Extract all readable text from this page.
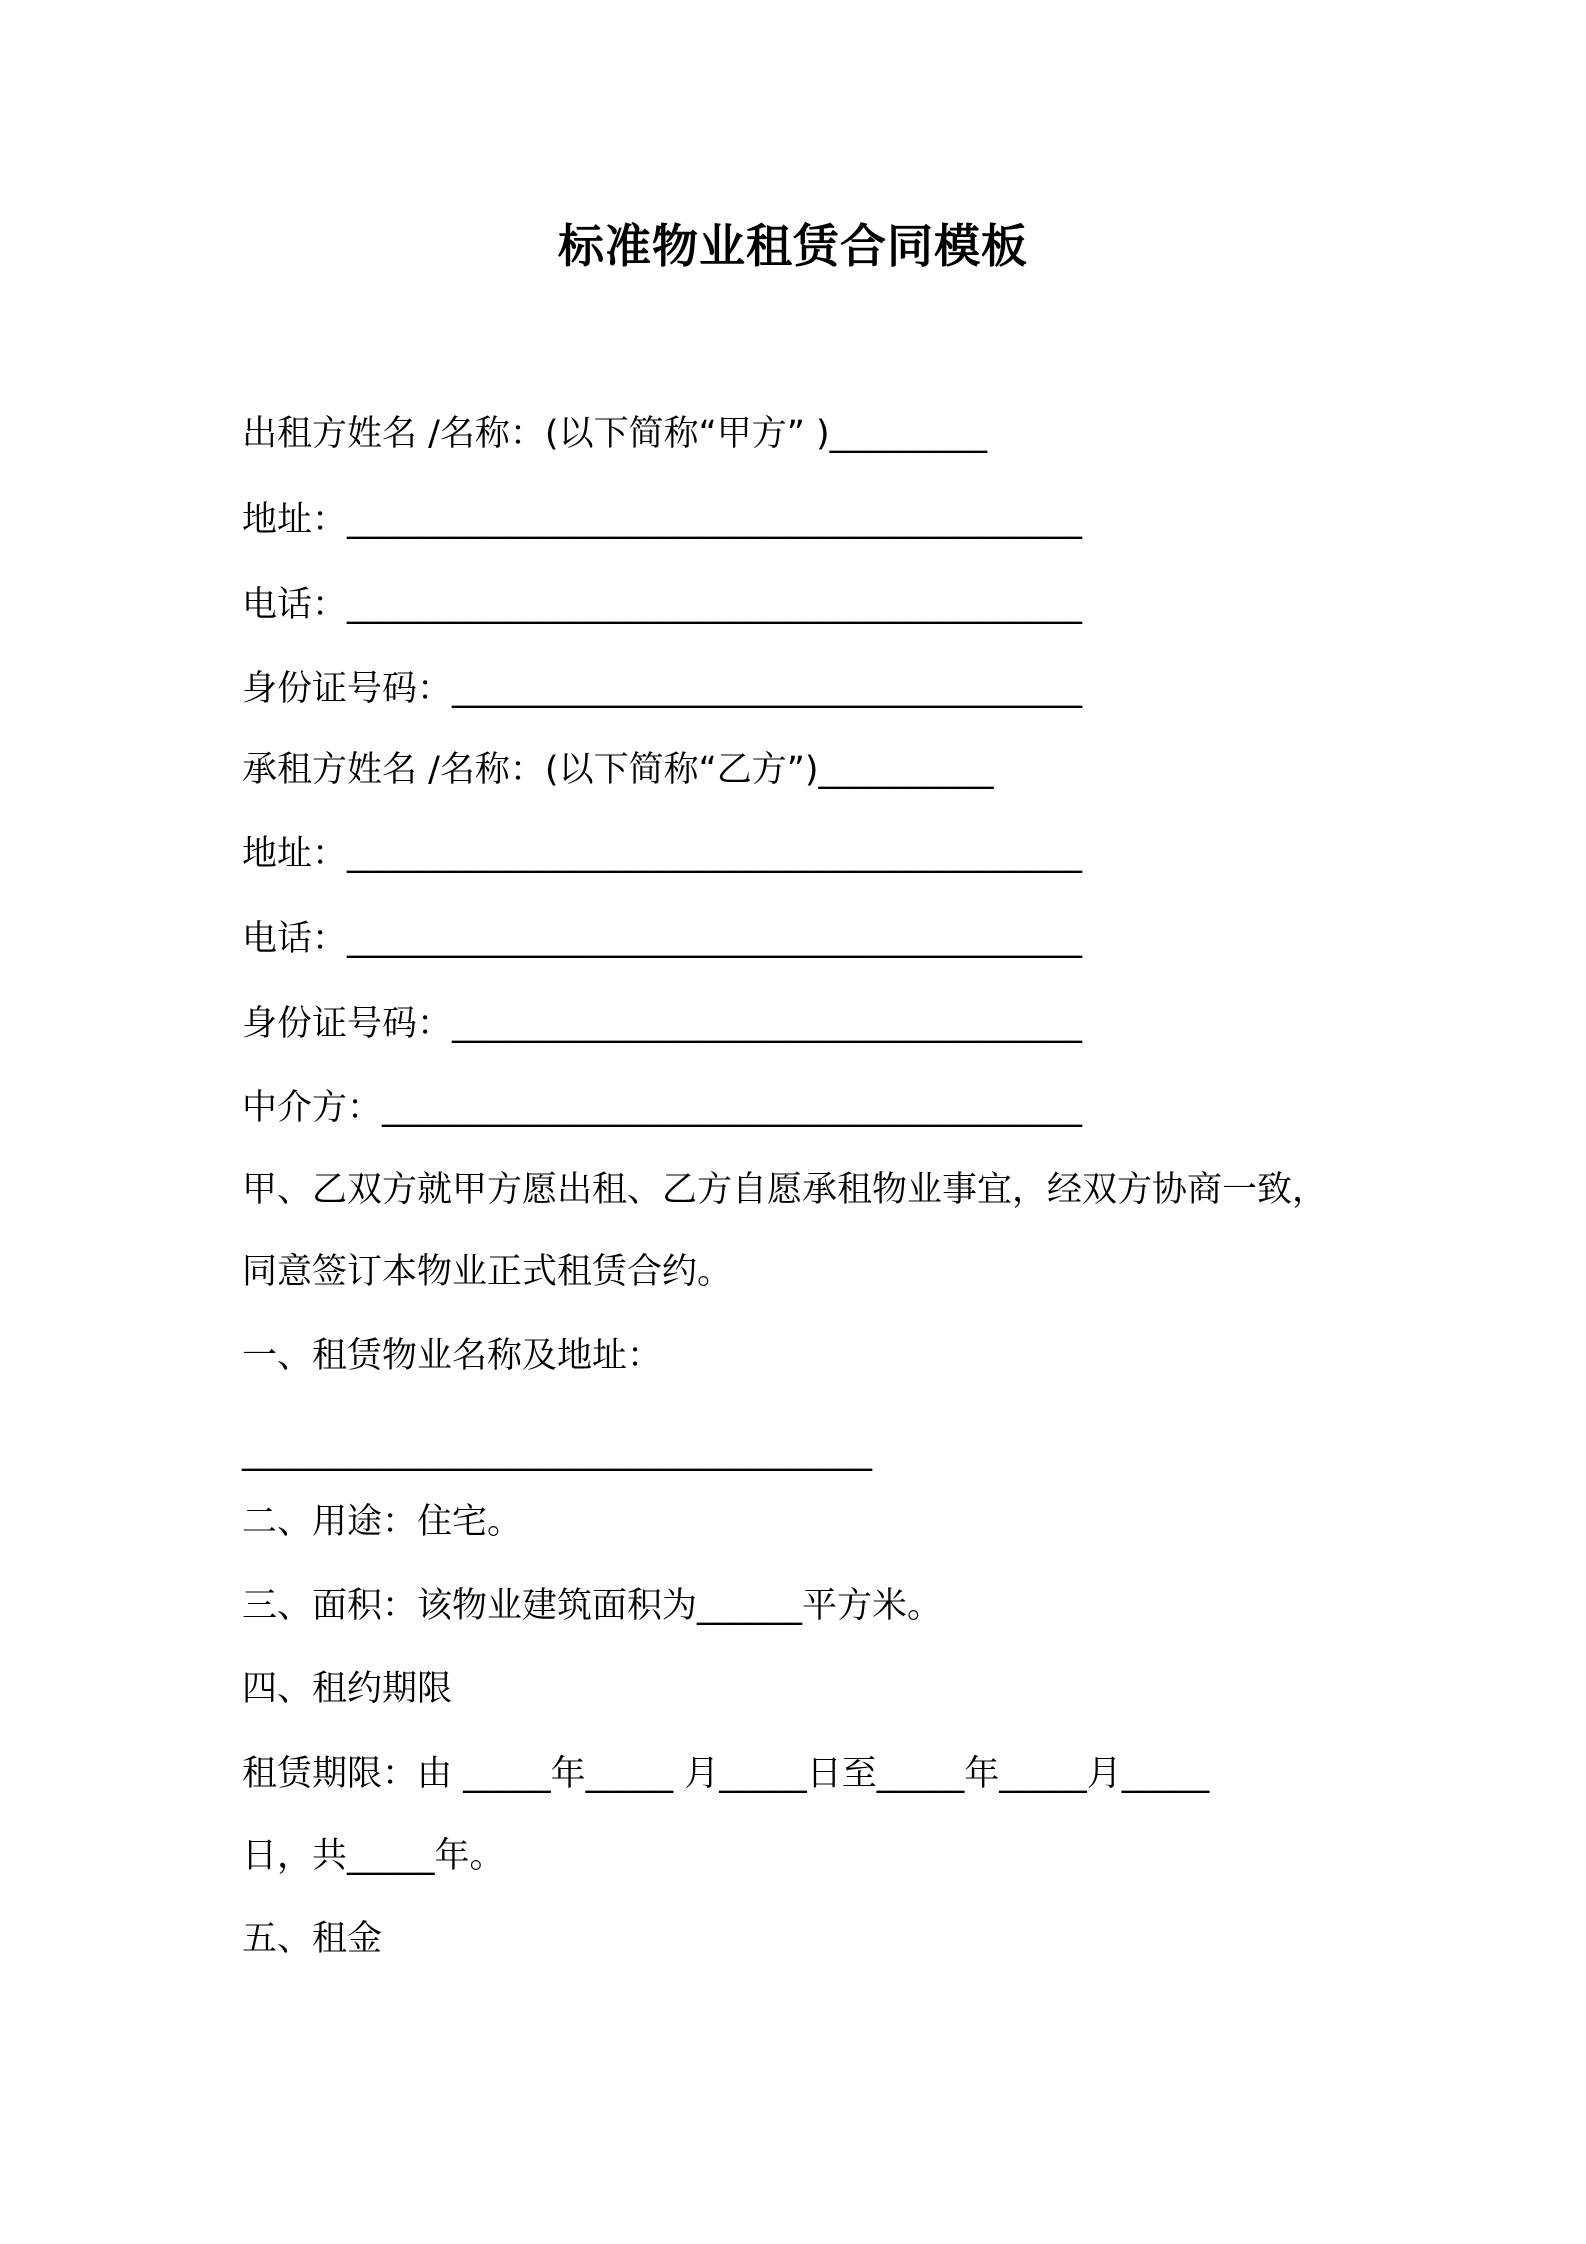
标准物业租赁合同模板
出租方姓名 /名称：(以下简称“甲方” )_________
地址：__________________________________________
电话：__________________________________________
身份证号码：____________________________________
承租方姓名 /名称：(以下简称“乙方”)__________
地址：__________________________________________
电话：__________________________________________
身份证号码：____________________________________
中介方：________________________________________
甲、乙双方就甲方愿出租、乙方自愿承租物业事宜，经双方协商一致，
同意签订本物业正式租赁合约。
一、租赁物业名称及地址：
____________________________________
二、用途：住宅。
三、面积：该物业建筑面积为______平方米。
四、租约期限
租赁期限：由 _____年_____ 月_____日至_____年_____月_____
日，共_____年。
五、租金
